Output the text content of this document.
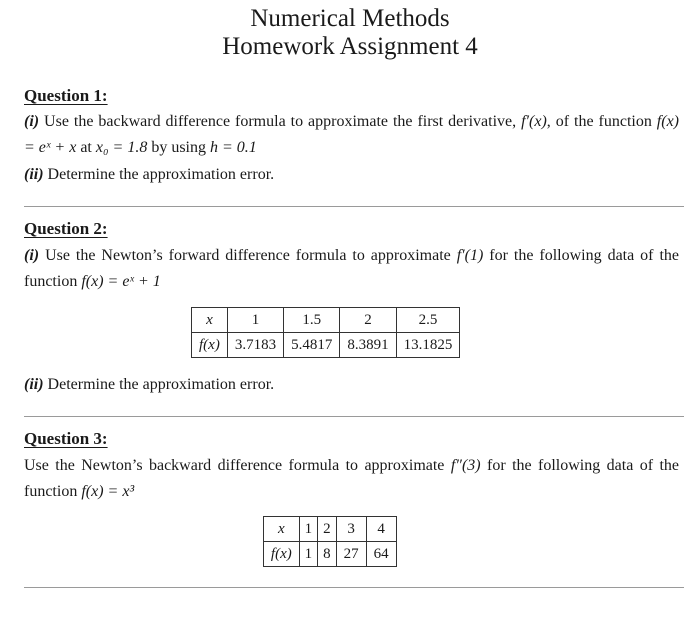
Numerical Methods
Homework Assignment 4
Question 1:
(i) Use the backward difference formula to approximate the first derivative, f′(x), of the function f(x) = eˣ + x at x₀ = 1.8 by using h = 0.1
(ii) Determine the approximation error.
Question 2:
(i) Use the Newton’s forward difference formula to approximate f′(1) for the following data of the function f(x) = eˣ + 1
x	1	1.5	2	2.5
f(x)	3.7183	5.4817	8.3891	13.1825
(ii) Determine the approximation error.
Question 3:
Use the Newton’s backward difference formula to approximate f″(3) for the following data of the function f(x) = x³
x	1	2	3	4
f(x)	1	8	27	64
